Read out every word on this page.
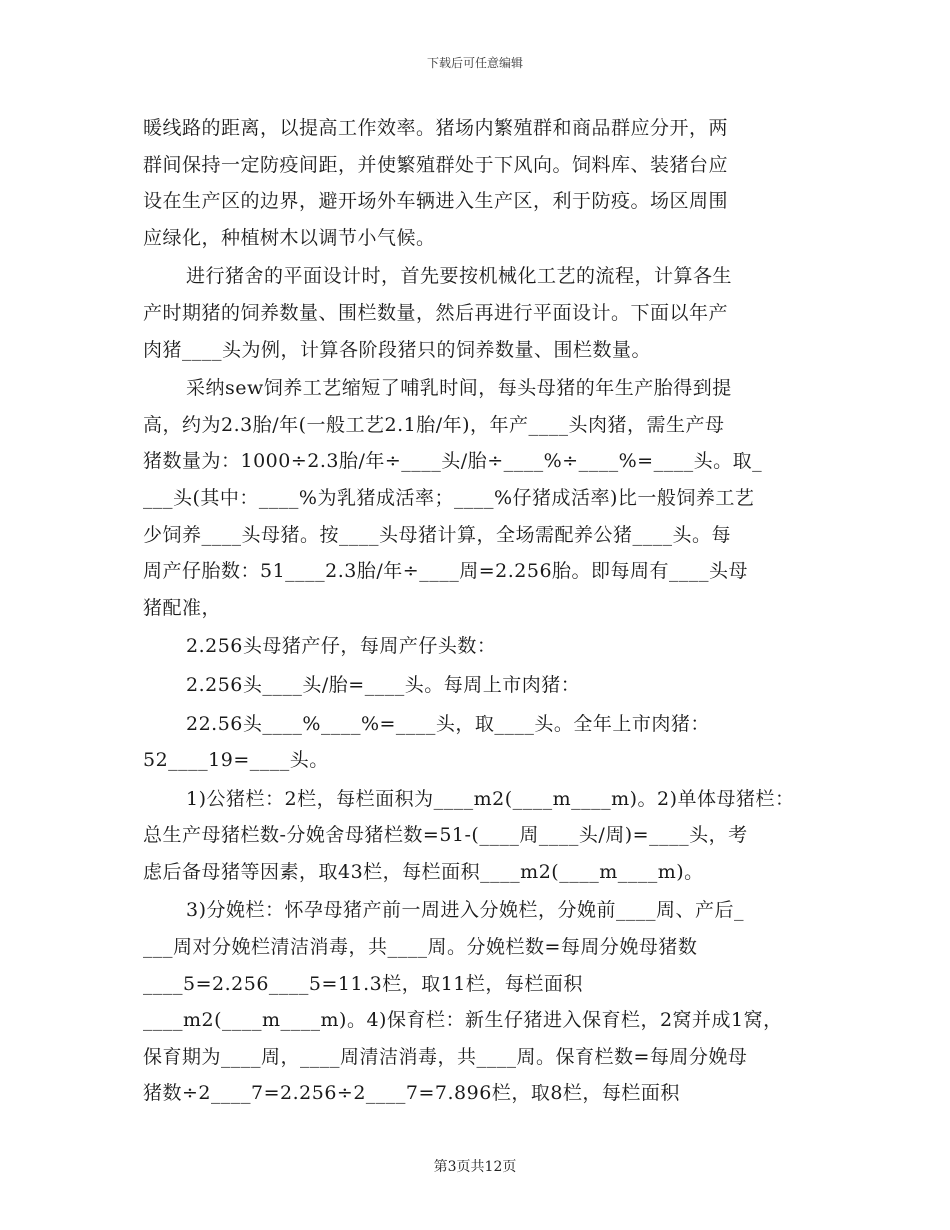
下载后可任意编辑
暖线路的距离，以提高工作效率。猪场内繁殖群和商品群应分开，两
群间保持一定防疫间距，并使繁殖群处于下风向。饲料库、装猪台应
设在生产区的边界，避开场外车辆进入生产区，利于防疫。场区周围
应绿化，种植树木以调节小气候。
进行猪舍的平面设计时，首先要按机械化工艺的流程，计算各生
产时期猪的饲养数量、围栏数量，然后再进行平面设计。下面以年产
肉猪____头为例，计算各阶段猪只的饲养数量、围栏数量。
采纳sew饲养工艺缩短了哺乳时间，每头母猪的年生产胎得到提
高，约为2.3胎/年(一般工艺2.1胎/年)，年产____头肉猪，需生产母
猪数量为：1000÷2.3胎/年÷____头/胎÷____%÷____%=____头。取_
___头(其中：____%为乳猪成活率；____%仔猪成活率)比一般饲养工艺
少饲养____头母猪。按____头母猪计算，全场需配养公猪____头。每
周产仔胎数：51____2.3胎/年÷____周=2.256胎。即每周有____头母
猪配准，
2.256头母猪产仔，每周产仔头数：
2.256头____头/胎=____头。每周上市肉猪：
22.56头____%____%=____头，取____头。全年上市肉猪：
52____19=____头。
1)公猪栏：2栏，每栏面积为____m2(____m____m)。2)单体母猪栏：
总生产母猪栏数-分娩舍母猪栏数=51-(____周____头/周)=____头，考
虑后备母猪等因素，取43栏，每栏面积____m2(____m____m)。
3)分娩栏：怀孕母猪产前一周进入分娩栏，分娩前____周、产后_
___周对分娩栏清洁消毒，共____周。分娩栏数=每周分娩母猪数
____5=2.256____5=11.3栏，取11栏，每栏面积
____m2(____m____m)。4)保育栏：新生仔猪进入保育栏，2窝并成1窝，
保育期为____周，____周清洁消毒，共____周。保育栏数=每周分娩母
猪数÷2____7=2.256÷2____7=7.896栏，取8栏，每栏面积
第3页共12页
